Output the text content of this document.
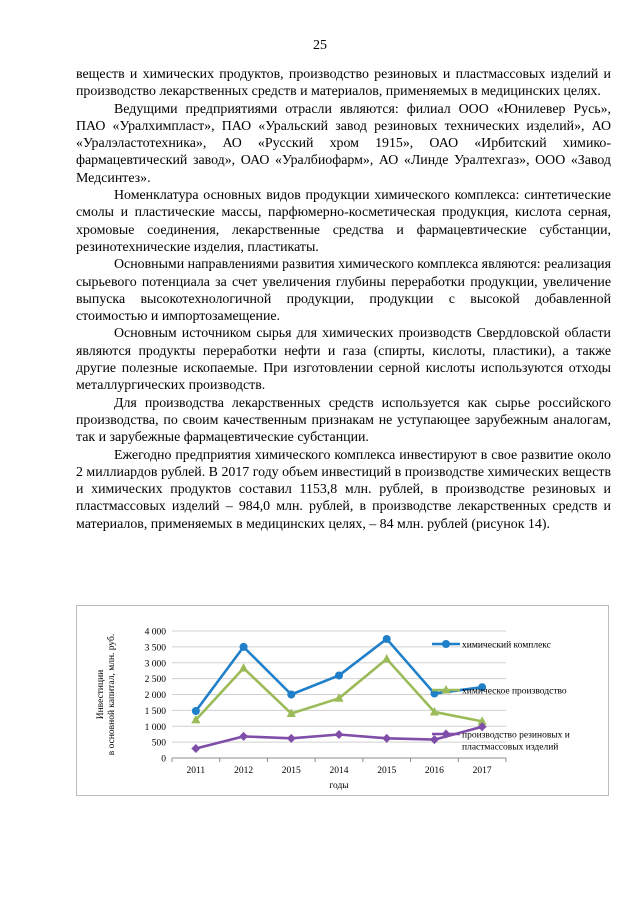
25

веществ и химических продуктов, производство резиновых и пластмассовых изделий и производство лекарственных средств и материалов, применяемых в медицинских целях.

Ведущими предприятиями отрасли являются: филиал ООО «Юнилевер Русь», ПАО «Уралхимпласт», ПАО «Уральский завод резиновых технических изделий», АО «Уралэластотехника», АО «Русский хром 1915», ОАО «Ирбитский химико-фармацевтический завод», ОАО «Уралбиофарм», АО «Линде Уралтехгаз», ООО «Завод Медсинтез».

Номенклатура основных видов продукции химического комплекса: синтетические смолы и пластические массы, парфюмерно-косметическая продукция, кислота серная, хромовые соединения, лекарственные средства и фармацевтические субстанции, резинотехнические изделия, пластикаты.

Основными направлениями развития химического комплекса являются: реализация сырьевого потенциала за счет увеличения глубины переработки продукции, увеличение выпуска высокотехнологичной продукции, продукции с высокой добавленной стоимостью и импортозамещение.

Основным источником сырья для химических производств Свердловской области являются продукты переработки нефти и газа (спирты, кислоты, пластики), а также другие полезные ископаемые. При изготовлении серной кислоты используются отходы металлургических производств.

Для производства лекарственных средств используется как сырье российского производства, по своим качественным признакам не уступающее зарубежным аналогам, так и зарубежные фармацевтические субстанции.

Ежегодно предприятия химического комплекса инвестируют в свое развитие около 2 миллиардов рублей. В 2017 году объем инвестиций в производстве химических веществ и химических продуктов составил 1153,8 млн. рублей, в производстве резиновых и пластмассовых изделий – 984,0 млн. рублей, в производстве лекарственных средств и материалов, применяемых в медицинских целях, – 84 млн. рублей (рисунок 14).

0
500
1 000
1 500
2 000
2 500
3 000
3 500
4 000
2011	2012	2015	2014	2015	2016	2017
годы
Инвестициив основной капитал, млн. руб.	химический комплекс
химическое производство
производство резиновых и пластмассовых изделий
